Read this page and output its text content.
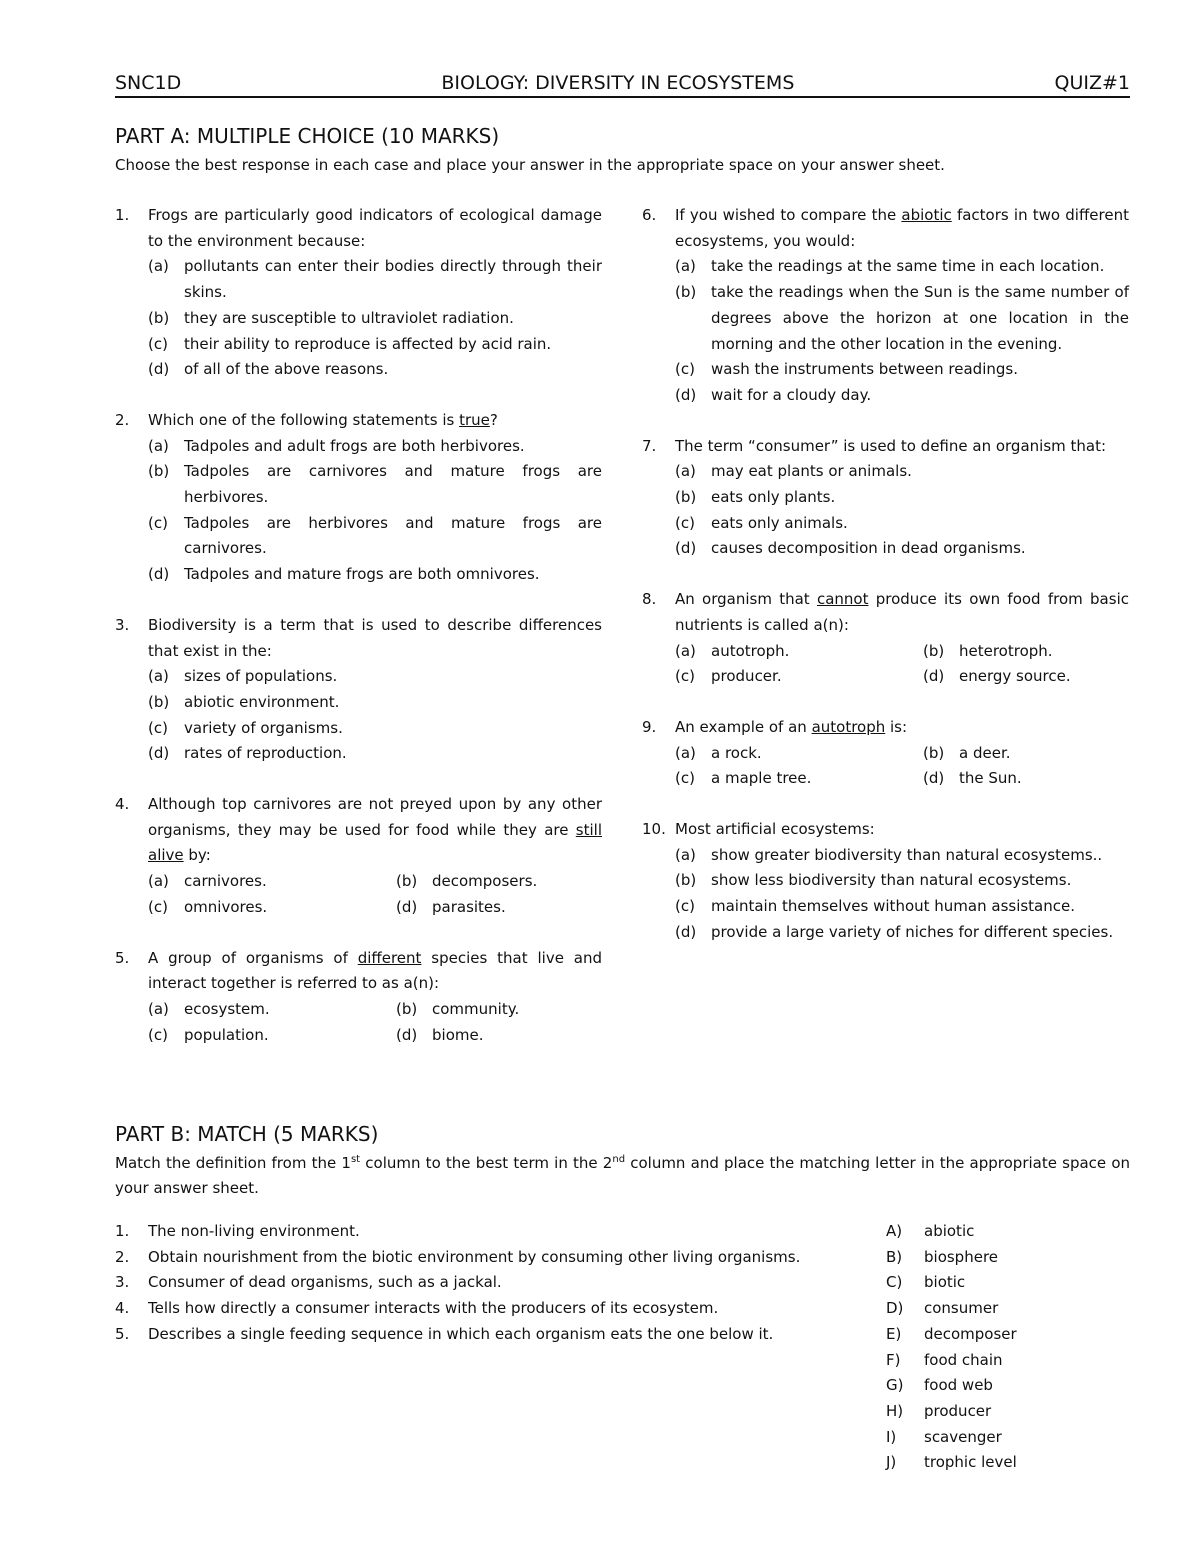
SNC1D	BIOLOGY: DIVERSITY IN ECOSYSTEMS	QUIZ#1
PART A: MULTIPLE CHOICE (10 MARKS)
Choose the best response in each case and place your answer in the appropriate space on your answer sheet.
1.	Frogs are particularly good indicators of ecological damage to the environment because:
(a)	pollutants can enter their bodies directly through their skins.
(b) they are susceptible to ultraviolet radiation.
(c)	their ability to reproduce is affected by acid rain.
(d) of all of the above reasons.
2.	Which one of the following statements is true?
(a)	Tadpoles and adult frogs are both herbivores.
(b) Tadpoles are carnivores and mature frogs are herbivores.
(c)	Tadpoles are herbivores and mature frogs are carnivores.
(d) Tadpoles and mature frogs are both omnivores.
3.	Biodiversity is a term that is used to describe differences that exist in the:
(a)	sizes of populations.
(b) abiotic environment.
(c)	variety of organisms.
(d) rates of reproduction.
4.	Although top carnivores are not preyed upon by any other organisms, they may be used for food while they are still alive by:
(a)	carnivores.	(b) decomposers.
(c)	omnivores.	(d) parasites.
5.	A group of organisms of different species that live and interact together is referred to as a(n):
(a)	ecosystem.	(b) community.
(c)	population.	(d) biome.
6.	If you wished to compare the abiotic factors in two different ecosystems, you would:
(a)	take the readings at the same time in each location.
(b) take the readings when the Sun is the same number of degrees above the horizon at one location in the morning and the other location in the evening.
(c)	wash the instruments between readings.
(d) wait for a cloudy day.
7.	The term “consumer” is used to define an organism that:
(a)	may eat plants or animals.
(b) eats only plants.
(c)	eats only animals.
(d) causes decomposition in dead organisms.
8.	An organism that cannot produce its own food from basic nutrients is called a(n):
(a)	autotroph.	(b) heterotroph.
(c)	producer.	(d) energy source.
9.	An example of an autotroph is:
(a)	a rock.	(b) a deer.
(c)	a maple tree.	(d) the Sun.
10. Most artificial ecosystems:
(a)	show greater biodiversity than natural ecosystems..
(b) show less biodiversity than natural ecosystems.
(c)	maintain themselves without human assistance.
(d) provide a large variety of niches for different species.
PART B: MATCH (5 MARKS)
Match the definition from the 1st column to the best term in the 2nd column and place the matching letter in the appropriate space on your answer sheet.
1.	The non-living environment.
2.	Obtain nourishment from the biotic environment by consuming other living organisms.
3.	Consumer of dead organisms, such as a jackal.
4.	Tells how directly a consumer interacts with the producers of its ecosystem.
5.	Describes a single feeding sequence in which each organism eats the one below it.
A)	abiotic
B)	biosphere
C)	biotic
D)	consumer
E)	decomposer
F)	food chain
G)	food web
H)	producer
I)	scavenger
J)	trophic level
